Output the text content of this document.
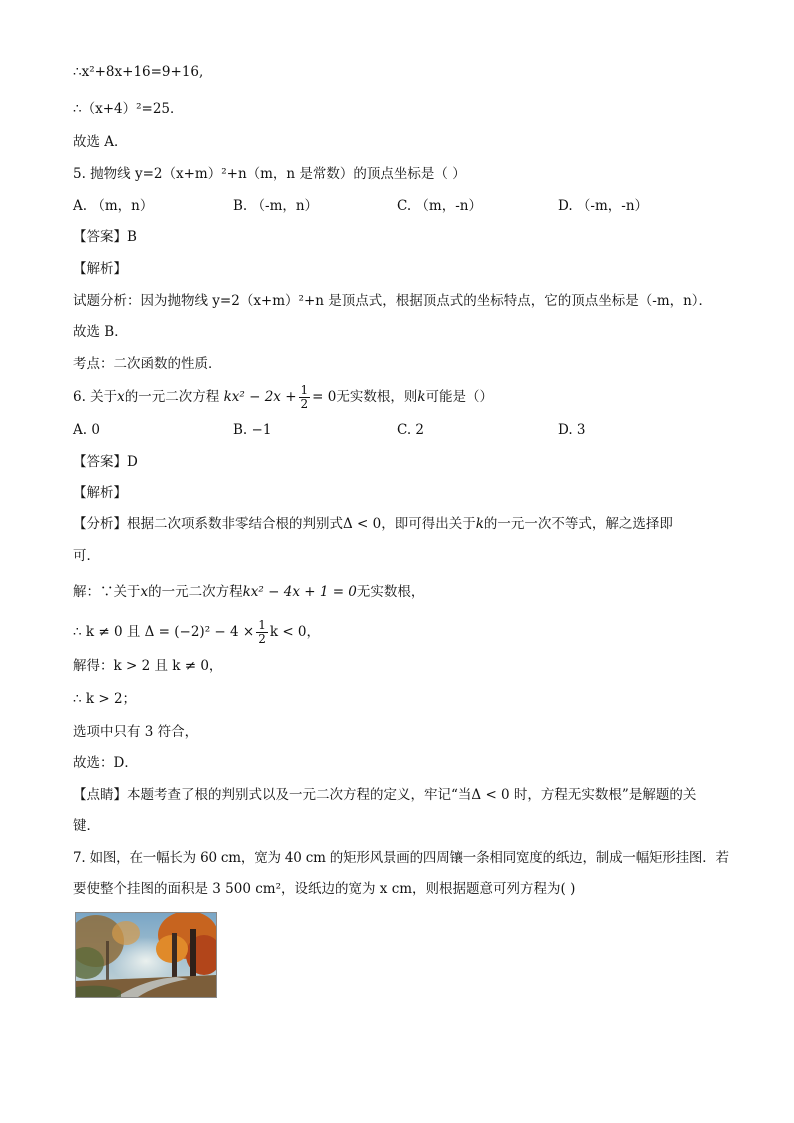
∴x²+8x+16=9+16,
∴（x+4）²=25．
故选 A．
5. 抛物线 y=2（x+m）²+n（m，n 是常数）的顶点坐标是（ ）
A. （m，n）	B. （-m，n）	C. （m，-n）	D. （-m，-n）
【答案】B
【解析】
试题分析：因为抛物线 y=2（x+m）²+n 是顶点式，根据顶点式的坐标特点，它的顶点坐标是（-m，n）．
故选 B．
考点：二次函数的性质．
6. 关于x的一元二次方程 $kx^2 - 2x + \frac{1}{2} = 0$无实数根，则k可能是（）
A. 0	B. −1	C. 2	D. 3
【答案】D
【解析】
【分析】根据二次项系数非零结合根的判别式Δ < 0，即可得出关于k的一元一次不等式，解之选择即
可．
解：∵关于x的一元二次方程kx² − 4x + 1 = 0无实数根，
∴ k ≠ 0 且 $\Delta = (-2)^2 - 4 \times \frac{1}{2}$ k < 0，
解得：k > 2 且 k ≠ 0，
∴ k > 2；
选项中只有 3 符合，
故选：D．
【点睛】本题考查了根的判别式以及一元二次方程的定义，牢记“当Δ < 0 时，方程无实数根”是解题的关
键．
7. 如图，在一幅长为 60 cm，宽为 40 cm 的矩形风景画的四周镶一条相同宽度的纸边，制成一幅矩形挂图．若
要使整个挂图的面积是 3 500 cm²，设纸边的宽为 x cm，则根据题意可列方程为( )
